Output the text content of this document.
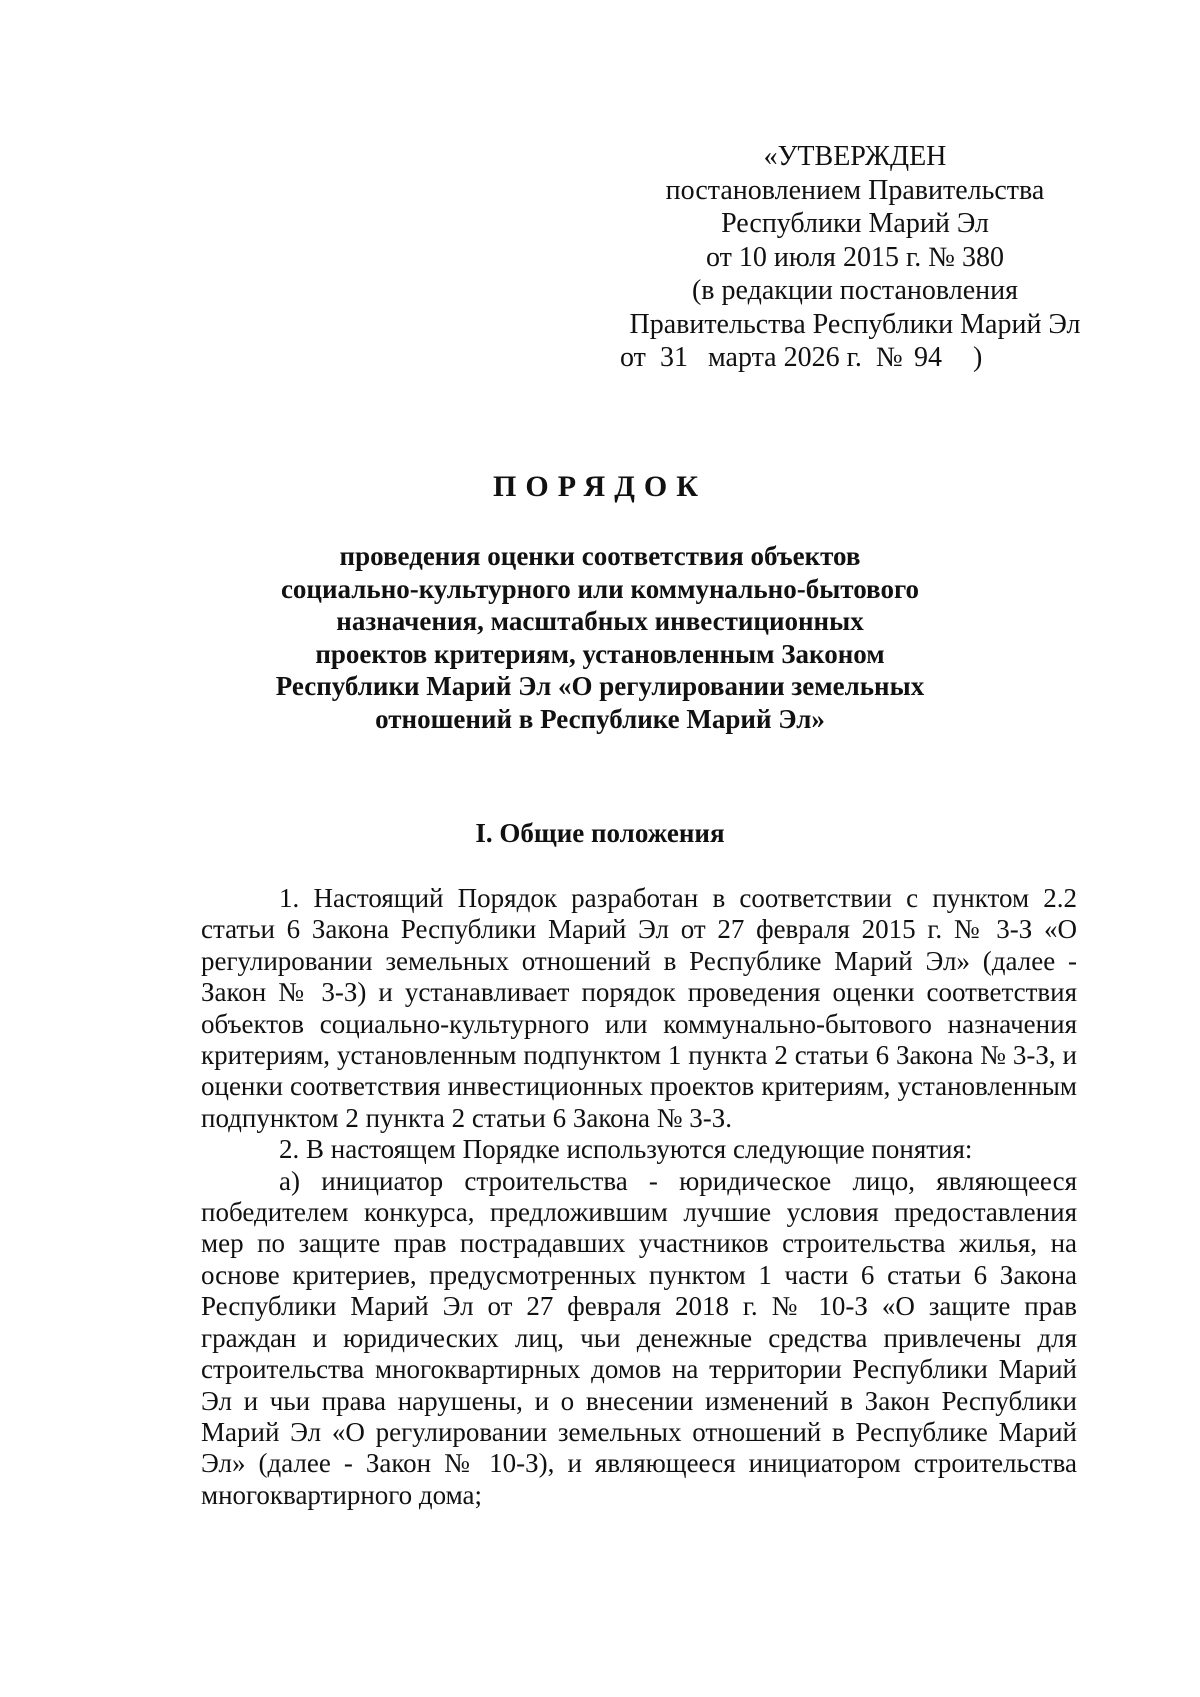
«УТВЕРЖДЕН
постановлением Правительства
Республики Марий Эл
от 10 июля 2015 г. № 380
(в редакции постановления
Правительства Республики Марий Эл
от 31 марта 2026 г. № 94 )
ПОРЯДОК
проведения оценки соответствия объектов
социально-культурного или коммунально-бытового
назначения, масштабных инвестиционных
проектов критериям, установленным Законом
Республики Марий Эл «О регулировании земельных
отношений в Республике Марий Эл»
I. Общие положения

1. Настоящий Порядок разработан в соответствии с пунктом 2.2 статьи 6 Закона Республики Марий Эл от 27 февраля 2015 г. № 3-З «О регулировании земельных отношений в Республике Марий Эл» (далее - Закон № 3-З) и устанавливает порядок проведения оценки соответствия объектов социально-культурного или коммунально-бытового назначения критериям, установленным подпунктом 1 пункта 2 статьи 6 Закона № 3-З, и оценки соответствия инвестиционных проектов критериям, установленным подпунктом 2 пункта 2 статьи 6 Закона № 3-З.

2. В настоящем Порядке используются следующие понятия:

а) инициатор строительства - юридическое лицо, являющееся победителем конкурса, предложившим лучшие условия предоставления мер по защите прав пострадавших участников строительства жилья, на основе критериев, предусмотренных пунктом 1 части 6 статьи 6 Закона Республики Марий Эл от 27 февраля 2018 г. № 10-З «О защите прав граждан и юридических лиц, чьи денежные средства привлечены для строительства многоквартирных домов на территории Республики Марий Эл и чьи права нарушены, и о внесении изменений в Закон Республики Марий Эл «О регулировании земельных отношений в Республике Марий Эл» (далее - Закон № 10-З), и являющееся инициатором строительства многоквартирного дома;
